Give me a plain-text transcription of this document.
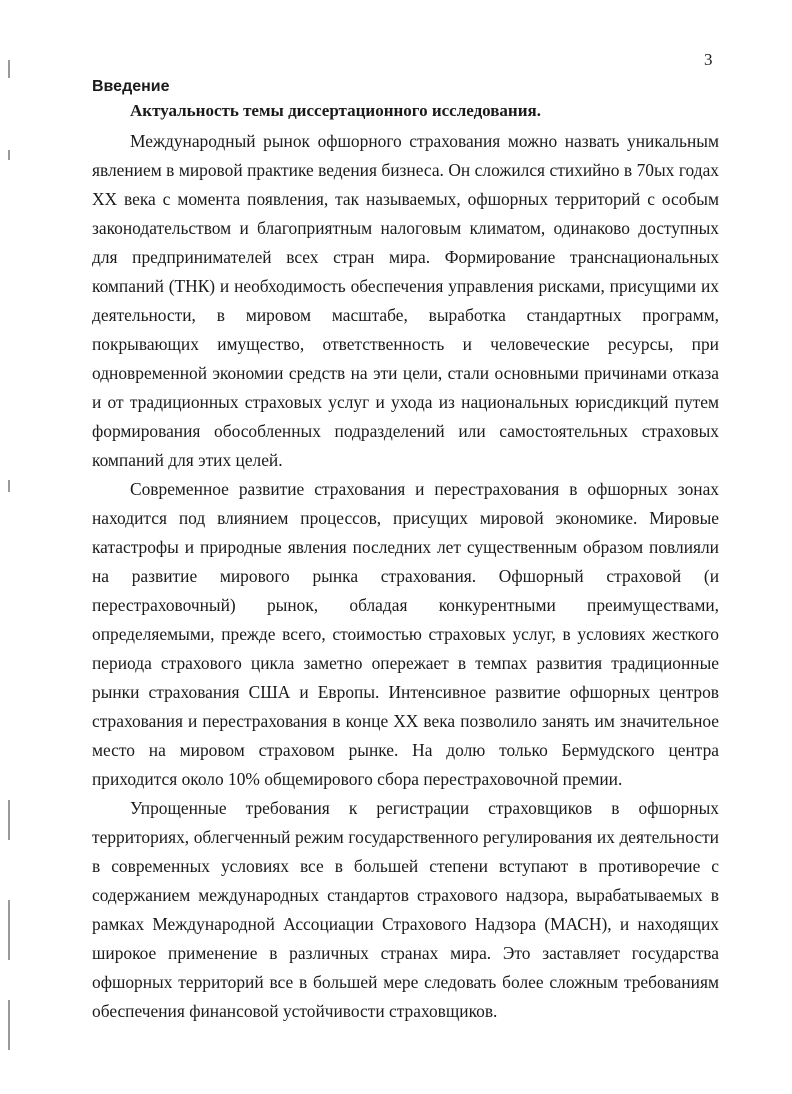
3
Введение
Актуальность темы диссертационного исследования.

Международный рынок офшорного страхования можно назвать уникальным явлением в мировой практике ведения бизнеса. Он сложился стихийно в 70ых годах XX века с момента появления, так называемых, офшорных территорий с особым законодательством и благоприятным налоговым климатом, одинаково доступных для предпринимателей всех стран мира. Формирование транснациональных компаний (ТНК) и необходимость обеспечения управления рисками, присущими их деятельности, в мировом масштабе, выработка стандартных программ, покрывающих имущество, ответственность и человеческие ресурсы, при одновременной экономии средств на эти цели, стали основными причинами отказа и от традиционных страховых услуг и ухода из национальных юрисдикций путем формирования обособленных подразделений или самостоятельных страховых компаний для этих целей.

Современное развитие страхования и перестрахования в офшорных зонах находится под влиянием процессов, присущих мировой экономике. Мировые катастрофы и природные явления последних лет существенным образом повлияли на развитие мирового рынка страхования. Офшорный страховой (и перестраховочный) рынок, обладая конкурентными преимуществами, определяемыми, прежде всего, стоимостью страховых услуг, в условиях жесткого периода страхового цикла заметно опережает в темпах развития традиционные рынки страхования США и Европы. Интенсивное развитие офшорных центров страхования и перестрахования в конце XX века позволило занять им значительное место на мировом страховом рынке. На долю только Бермудского центра приходится около 10% общемирового сбора перестраховочной премии.

Упрощенные требования к регистрации страховщиков в офшорных территориях, облегченный режим государственного регулирования их деятельности в современных условиях все в большей степени вступают в противоречие с содержанием международных стандартов страхового надзора, вырабатываемых в рамках Международной Ассоциации Страхового Надзора (МАСН), и находящих широкое применение в различных странах мира. Это заставляет государства офшорных территорий все в большей мере следовать более сложным требованиям обеспечения финансовой устойчивости страховщиков.
